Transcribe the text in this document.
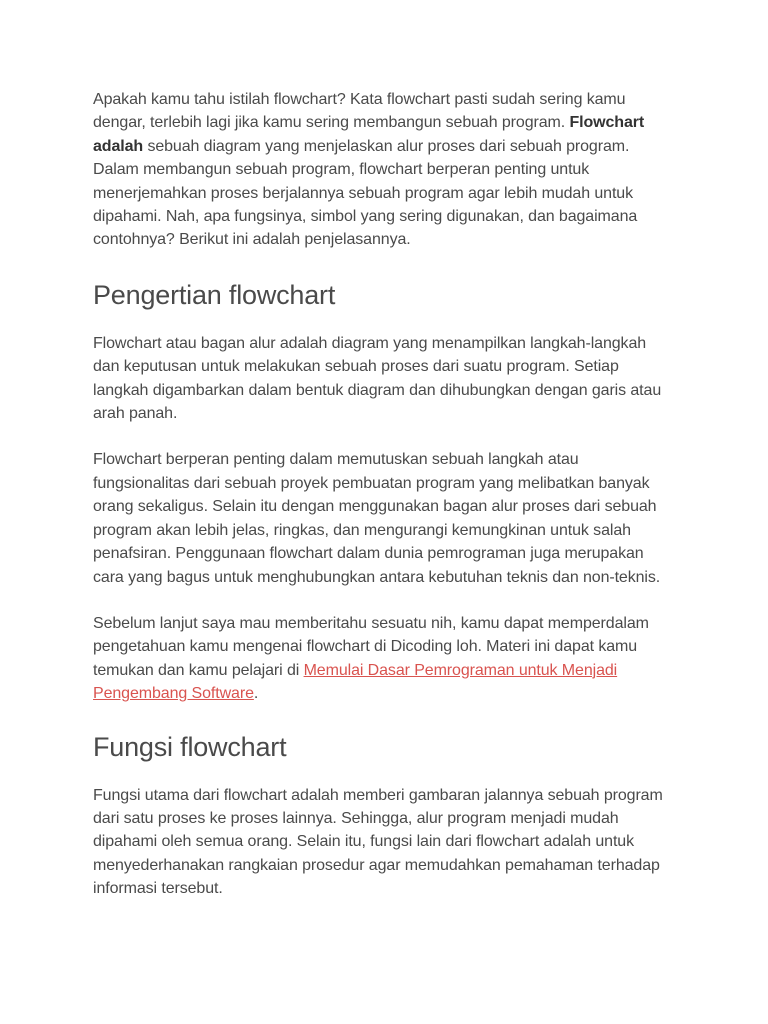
Apakah kamu tahu istilah flowchart? Kata flowchart pasti sudah sering kamu dengar, terlebih lagi jika kamu sering membangun sebuah program. Flowchart adalah sebuah diagram yang menjelaskan alur proses dari sebuah program. Dalam membangun sebuah program, flowchart berperan penting untuk menerjemahkan proses berjalannya sebuah program agar lebih mudah untuk dipahami. Nah, apa fungsinya, simbol yang sering digunakan, dan bagaimana contohnya? Berikut ini adalah penjelasannya.

Pengertian flowchart

Flowchart atau bagan alur adalah diagram yang menampilkan langkah-langkah dan keputusan untuk melakukan sebuah proses dari suatu program. Setiap langkah digambarkan dalam bentuk diagram dan dihubungkan dengan garis atau arah panah.

Flowchart berperan penting dalam memutuskan sebuah langkah atau fungsionalitas dari sebuah proyek pembuatan program yang melibatkan banyak orang sekaligus. Selain itu dengan menggunakan bagan alur proses dari sebuah program akan lebih jelas, ringkas, dan mengurangi kemungkinan untuk salah penafsiran. Penggunaan flowchart dalam dunia pemrograman juga merupakan cara yang bagus untuk menghubungkan antara kebutuhan teknis dan non-teknis.

Sebelum lanjut saya mau memberitahu sesuatu nih, kamu dapat memperdalam pengetahuan kamu mengenai flowchart di Dicoding loh. Materi ini dapat kamu temukan dan kamu pelajari di Memulai Dasar Pemrograman untuk Menjadi Pengembang Software.

Fungsi flowchart

Fungsi utama dari flowchart adalah memberi gambaran jalannya sebuah program dari satu proses ke proses lainnya. Sehingga, alur program menjadi mudah dipahami oleh semua orang. Selain itu, fungsi lain dari flowchart adalah untuk menyederhanakan rangkaian prosedur agar memudahkan pemahaman terhadap informasi tersebut.
